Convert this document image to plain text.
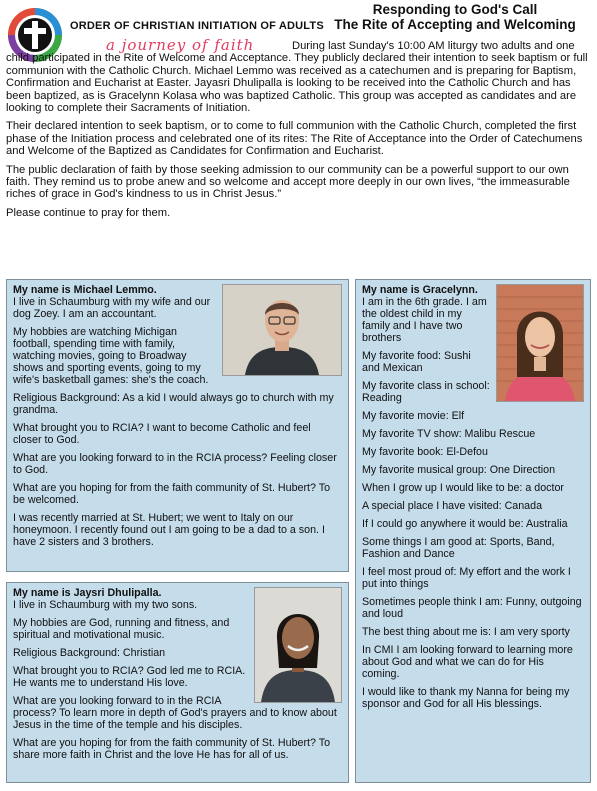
ORDER OF CHRISTIAN INITIATION OF ADULTS
a journey of faith
Responding to God's Call
The Rite of Accepting and Welcoming

During last Sunday's 10:00 AM liturgy two adults and one child participated in the Rite of Welcome and Acceptance. They publicly declared their intention to seek baptism or full communion with the Catholic Church. Michael Lemmo was received as a catechumen and is preparing for Baptism, Confirmation and Eucharist at Easter. Jayasri Dhulipalla is looking to be received into the Catholic Church and has been baptized, as is Gracelynn Kolasa who was baptized Catholic. This group was accepted as candidates and are looking to complete their Sacraments of Initiation.

Their declared intention to seek baptism, or to come to full communion with the Catholic Church, completed the first phase of the Initiation process and celebrated one of its rites: The Rite of Acceptance into the Order of Catechumens and Welcome of the Baptized as Candidates for Confirmation and Eucharist.

The public declaration of faith by those seeking admission to our community can be a powerful support to our own faith. They remind us to probe anew and so welcome and accept more deeply in our own lives, “the immeasurable riches of grace in God's kindness to us in Christ Jesus.”

Please continue to pray for them.

My name is Michael Lemmo.

I live in Schaumburg with my wife and our dog Zoey. I am an accountant.

My hobbies are watching Michigan football, spending time with family, watching movies, going to Broadway shows and sporting events, going to my wife's basketball games: she's the coach.

Religious Background: As a kid I would always go to church with my grandma.

What brought you to RCIA? I want to become Catholic and feel closer to God.

What are you looking forward to in the RCIA process? Feeling closer to God.

What are you hoping for from the faith community of St. Hubert? To be welcomed.

I was recently married at St. Hubert; we went to Italy on our honeymoon. I recently found out I am going to be a dad to a son. I have 2 sisters and 3 brothers.

My name is Jaysri Dhulipalla.

I live in Schaumburg with my two sons.

My hobbies are God, running and fitness, and spiritual and motivational music.

Religious Background: Christian

What brought you to RCIA? God led me to RCIA. He wants me to understand His love.

What are you looking forward to in the RCIA process? To learn more in depth of God's prayers and to know about Jesus in the time of the temple and his disciples.

What are you hoping for from the faith community of St. Hubert? To share more faith in Christ and the love He has for all of us.

My name is Gracelynn.

I am in the 6th grade. I am the oldest child in my family and I have two brothers

My favorite food: Sushi and Mexican

My favorite class in school: Reading

My favorite movie: Elf

My favorite TV show: Malibu Rescue

My favorite book: El-Defou

My favorite musical group: One Direction

When I grow up I would like to be: a doctor

A special place I have visited: Canada

If I could go anywhere it would be: Australia

Some things I am good at: Sports, Band, Fashion and Dance

I feel most proud of: My effort and the work I put into things

Sometimes people think I am: Funny, outgoing and loud

The best thing about me is: I am very sporty

In CMI I am looking forward to learning more about God and what we can do for His coming.

I would like to thank my Nanna for being my sponsor and God for all His blessings.
